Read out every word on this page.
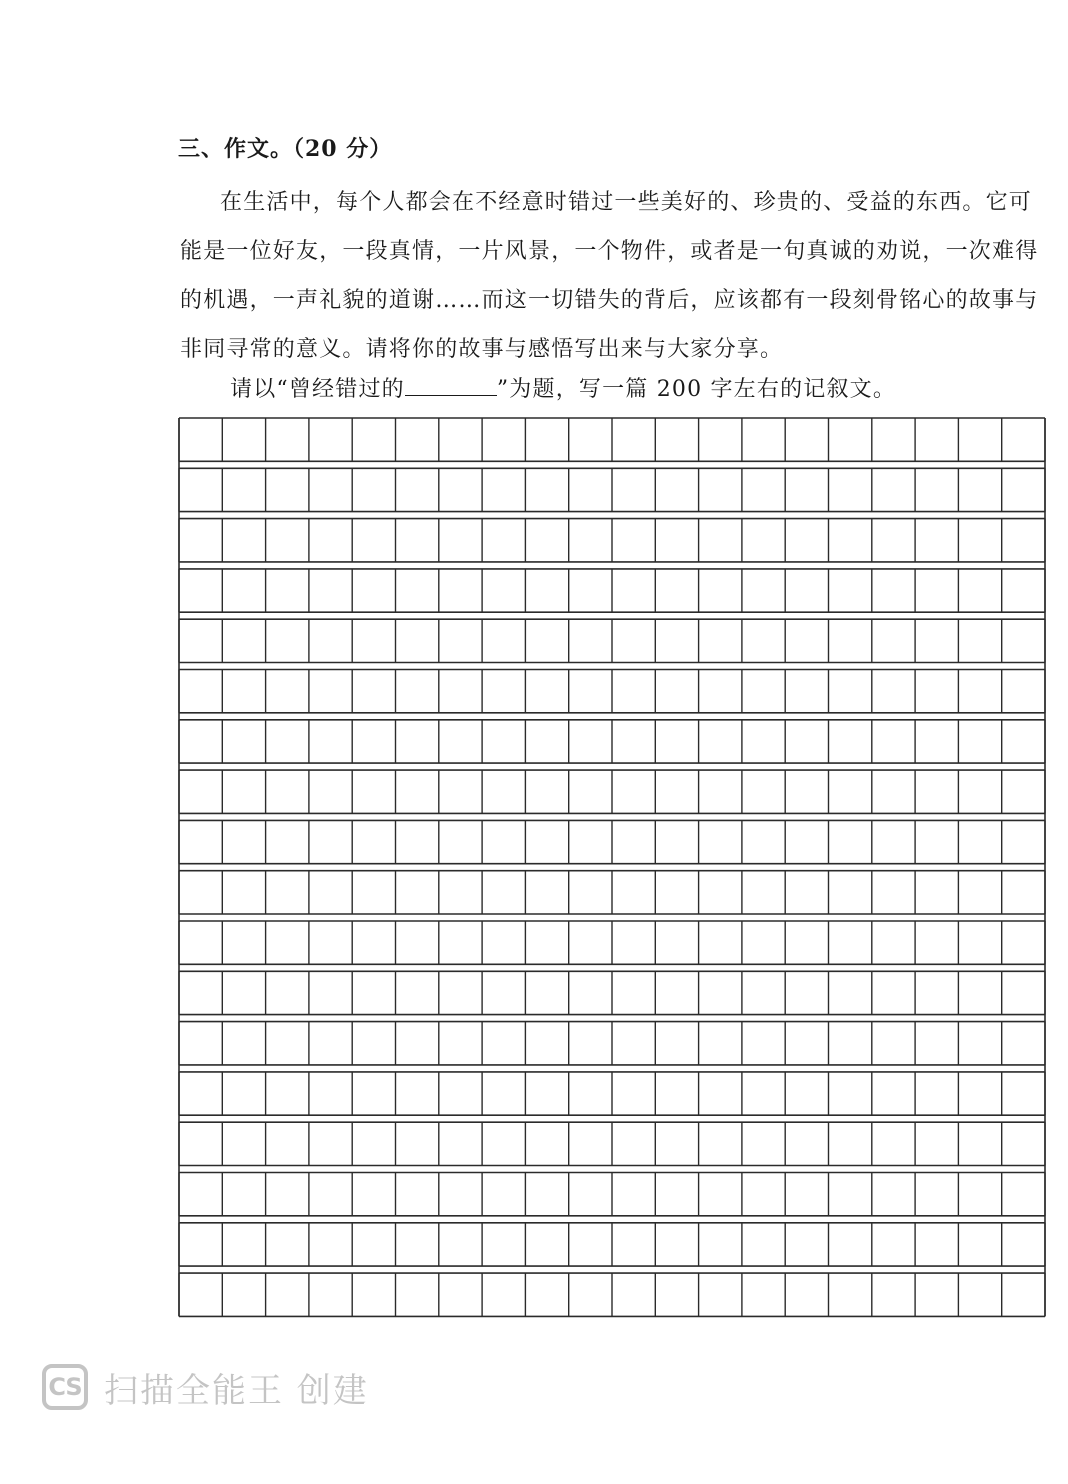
三、作文。（20 分）

在生活中，每个人都会在不经意时错过一些美好的、珍贵的、受益的东西。它可能是一位好友，一段真情，一片风景，一个物件，或者是一句真诚的劝说，一次难得的机遇，一声礼貌的道谢……而这一切错失的背后，应该都有一段刻骨铭心的故事与非同寻常的意义。请将你的故事与感悟写出来与大家分享。

请以“曾经错过的	”为题，写一篇 200 字左右的记叙文。
CS 扫描全能王 创建
